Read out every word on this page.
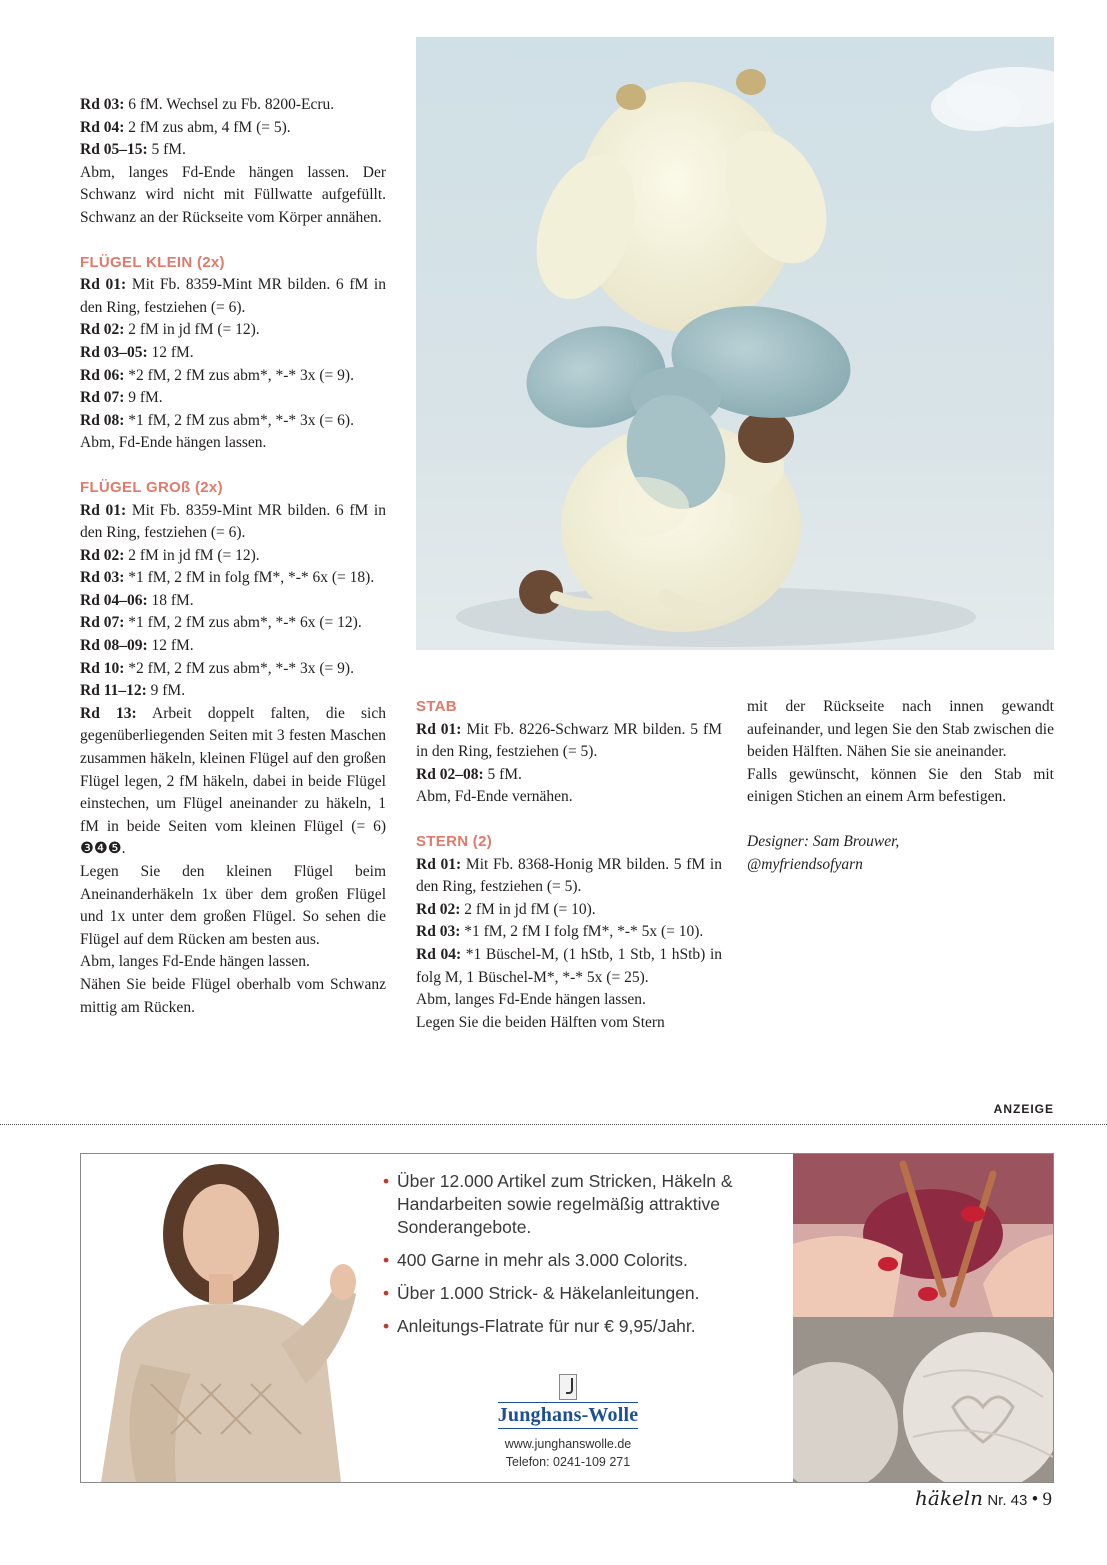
Rd 03: 6 fM. Wechsel zu Fb. 8200-Ecru.

Rd 04: 2 fM zus abm, 4 fM (= 5).

Rd 05–15: 5 fM.

Abm, langes Fd-Ende hängen lassen. Der Schwanz wird nicht mit Füllwatte aufgefüllt. Schwanz an der Rückseite vom Körper annähen.

FLÜGEL KLEIN (2x)

Rd 01: Mit Fb. 8359-Mint MR bilden. 6 fM in den Ring, festziehen (= 6).

Rd 02: 2 fM in jd fM (= 12).

Rd 03–05: 12 fM.

Rd 06: *2 fM, 2 fM zus abm*, *-* 3x (= 9).

Rd 07: 9 fM.

Rd 08: *1 fM, 2 fM zus abm*, *-* 3x (= 6).

Abm, Fd-Ende hängen lassen.

FLÜGEL GROß (2x)

Rd 01: Mit Fb. 8359-Mint MR bilden. 6 fM in den Ring, festziehen (= 6).

Rd 02: 2 fM in jd fM (= 12).

Rd 03: *1 fM, 2 fM in folg fM*, *-* 6x (= 18).

Rd 04–06: 18 fM.

Rd 07: *1 fM, 2 fM zus abm*, *-* 6x (= 12).

Rd 08–09: 12 fM.

Rd 10: *2 fM, 2 fM zus abm*, *-* 3x (= 9).

Rd 11–12: 9 fM.

Rd 13: Arbeit doppelt falten, die sich gegenüberliegenden Seiten mit 3 festen Maschen zusammen häkeln, kleinen Flügel auf den großen Flügel legen, 2 fM häkeln, dabei in beide Flügel einstechen, um Flügel aneinander zu häkeln, 1 fM in beide Seiten vom kleinen Flügel (= 6) ❸❹❺.

Legen Sie den kleinen Flügel beim Aneinanderhäkeln 1x über dem großen Flügel und 1x unter dem großen Flügel. So sehen die Flügel auf dem Rücken am besten aus.

Abm, langes Fd-Ende hängen lassen.

Nähen Sie beide Flügel oberhalb vom Schwanz mittig am Rücken.

STAB

Rd 01: Mit Fb. 8226-Schwarz MR bilden. 5 fM in den Ring, festziehen (= 5).

Rd 02–08: 5 fM.

Abm, Fd-Ende vernähen.

STERN (2)

Rd 01: Mit Fb. 8368-Honig MR bilden. 5 fM in den Ring, festziehen (= 5).

Rd 02: 2 fM in jd fM (= 10).

Rd 03: *1 fM, 2 fM I folg fM*, *-* 5x (= 10).

Rd 04: *1 Büschel-M, (1 hStb, 1 Stb, 1 hStb) in folg M, 1 Büschel-M*, *-* 5x (= 25).

Abm, langes Fd-Ende hängen lassen.

Legen Sie die beiden Hälften vom Stern

mit der Rückseite nach innen gewandt aufeinander, und legen Sie den Stab zwischen die beiden Hälften. Nähen Sie sie aneinander.

Falls gewünscht, können Sie den Stab mit einigen Stichen an einem Arm befestigen.

Designer: Sam Brouwer,

@myfriendsofyarn

ANZEIGE
• Über 12.000 Artikel zum Stricken, Häkeln & Handarbeiten sowie regelmäßig attraktive Sonderangebote.
• 400 Garne in mehr als 3.000 Colorits.
• Über 1.000 Strick- & Häkelanleitungen.
• Anleitungs-Flatrate für nur € 9,95/Jahr.
Junghans-Wolle
www.junghanswolle.de
Telefon: 0241-109 271
häkeln Nr. 43 • 9
